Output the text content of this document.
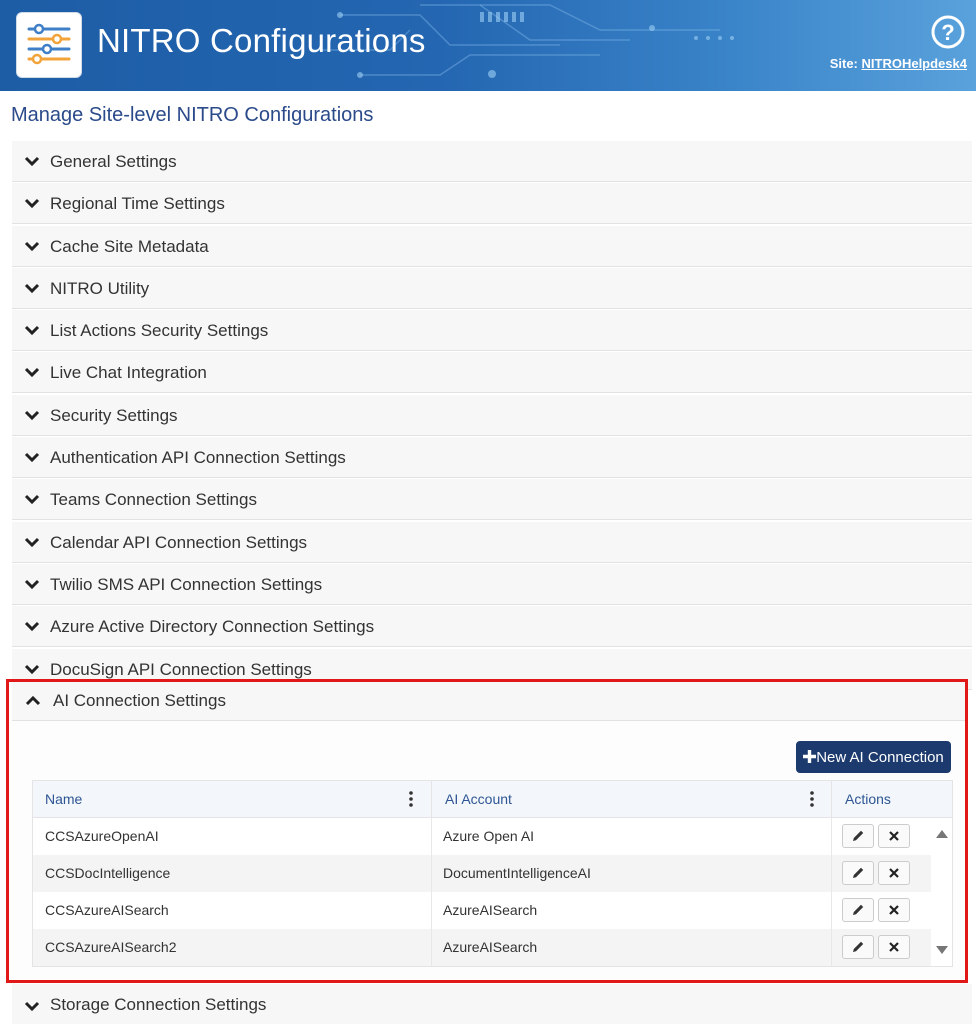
NITRO Configurations	?
Site: NITROHelpdesk4
Manage Site-level NITRO Configurations
General Settings
Regional Time Settings
Cache Site Metadata
NITRO Utility
List Actions Security Settings
Live Chat Integration
Security Settings
Authentication API Connection Settings
Teams Connection Settings
Calendar API Connection Settings
Twilio SMS API Connection Settings
Azure Active Directory Connection Settings
DocuSign API Connection Settings
AI Connection Settings
New AI Connection
Name	AI Account	Actions
CCSAzureOpenAI	Azure Open AI
CCSDocIntelligence	DocumentIntelligenceAI
CCSAzureAISearch	AzureAISearch
CCSAzureAISearch2	AzureAISearch
Storage Connection Settings
